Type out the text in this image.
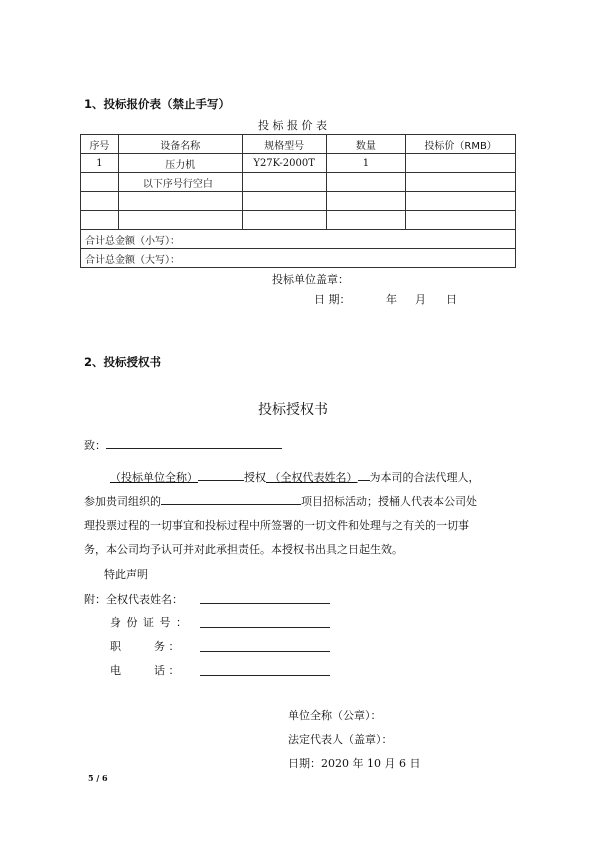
1、投标报价表（禁止手写）
投 标 报 价 表
序号	设备名称	规格型号	数量	投标价（RMB）
1	压力机	Y27K-2000T	1	
	以下序号行空白			

合计总金额（小写）：				
合计总金额（大写）：				
投标单位盖章：
日 期：	年 月 日
2、投标授权书
投标授权书
致：
（投标单位全称）	授权 （全权代表姓名） 为本司的合法代理人，
参加贵司组织的	项目招标活动；授桶人代表本公司处
理投票过程的一切事宜和投标过程中所签署的一切文件和处理与之有关的一切事
务，本公司均予认可并对此承担责任。本授权书出具之日起生效。
特此声明
附：全权代表姓名：
身 份 证 号 ：
职　　　务 ：
电　　　话 ：
单位全称（公章）：
法定代表人（盖章）：
日期：2020 年 10 月 6 日
5 / 6
